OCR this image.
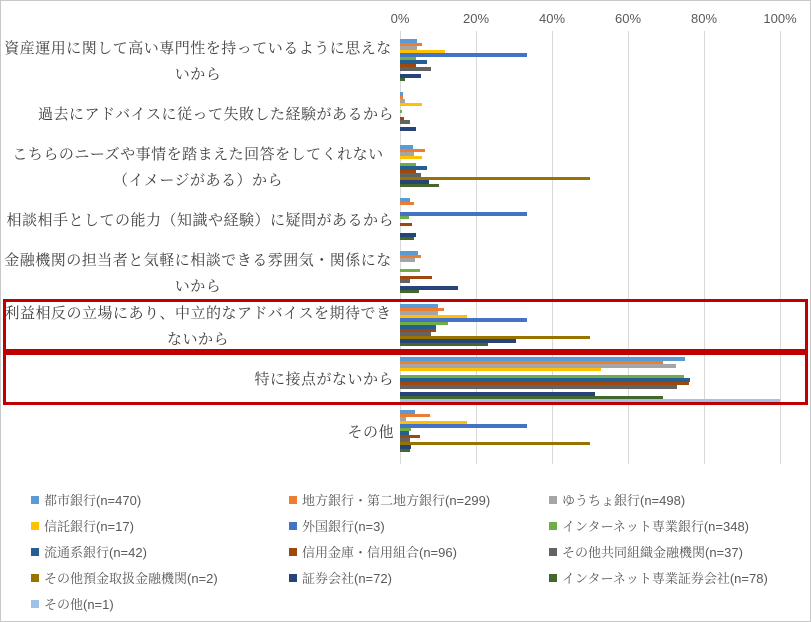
0%	20%	40%	60%	80%	100%
資産運用に関して高い専門性を持っているように思えないから
過去にアドバイスに従って失敗した経験があるから
こちらのニーズや事情を踏まえた回答をしてくれない（イメージがある）から
相談相手としての能力（知識や経験）に疑問があるから
金融機関の担当者と気軽に相談できる雰囲気・関係にないから
利益相反の立場にあり、中立的なアドバイスを期待できないから
特に接点がないから
その他
都市銀行(n=470)	地方銀行・第二地方銀行(n=299)	ゆうちょ銀行(n=498)
信託銀行(n=17)	外国銀行(n=3)	インターネット専業銀行(n=348)
流通系銀行(n=42)	信用金庫・信用組合(n=96)	その他共同組織金融機関(n=37)
その他預金取扱金融機関(n=2)	証券会社(n=72)	インターネット専業証券会社(n=78)
その他(n=1)
